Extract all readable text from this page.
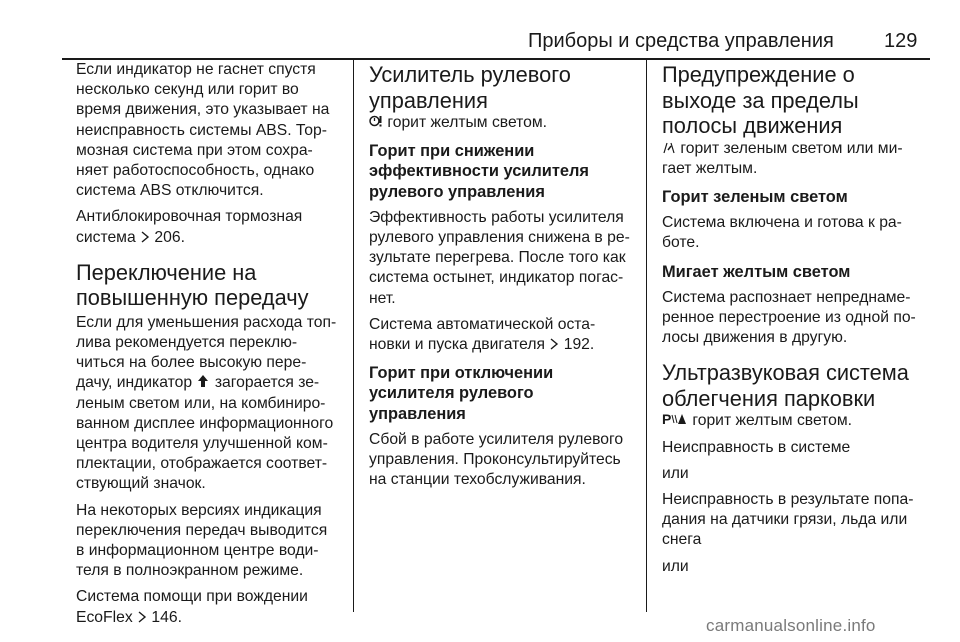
Приборы и средства управления	129

Если индикатор не гаснет спустя
несколько секунд или горит во
время движения, это указывает на
неисправность системы ABS. Тор-
мозная система при этом сохра-
няет работоспособность, однако
система ABS отключится.

Антиблокировочная тормозная
система 206.

Переключение на
повышенную передачу

Если для уменьшения расхода топ-
лива рекомендуется переклю-
читься на более высокую пере-
дачу, индикатор загорается зе-
леным светом или, на комбиниро-
ванном дисплее информационного
центра водителя улучшенной ком-
плектации, отображается соответ-
ствующий значок.

На некоторых версиях индикация
переключения передач выводится
в информационном центре води-
теля в полноэкранном режиме.

Система помощи при вождении
EcoFlex 146.

Усилитель рулевого
управления

горит желтым светом.

Горит при снижении
эффективности усилителя
рулевого управления

Эффективность работы усилителя
рулевого управления снижена в ре-
зультате перегрева. После того как
система остынет, индикатор погас-
нет.

Система автоматической оста-
новки и пуска двигателя 192.

Горит при отключении
усилителя рулевого
управления

Сбой в работе усилителя рулевого
управления. Проконсультируйтесь
на станции техобслуживания.

Предупреждение о
выходе за пределы
полосы движения

горит зеленым светом или ми-
гает желтым.

Горит зеленым светом

Система включена и готова к ра-
боте.

Мигает желтым светом

Система распознает непреднаме-
ренное перестроение из одной по-
лосы движения в другую.

Ультразвуковая система
облегчения парковки

P горит желтым светом.

Неисправность в системе

или

Неисправность в результате попа-
дания на датчики грязи, льда или
снега

или

carmanualsonline.info
